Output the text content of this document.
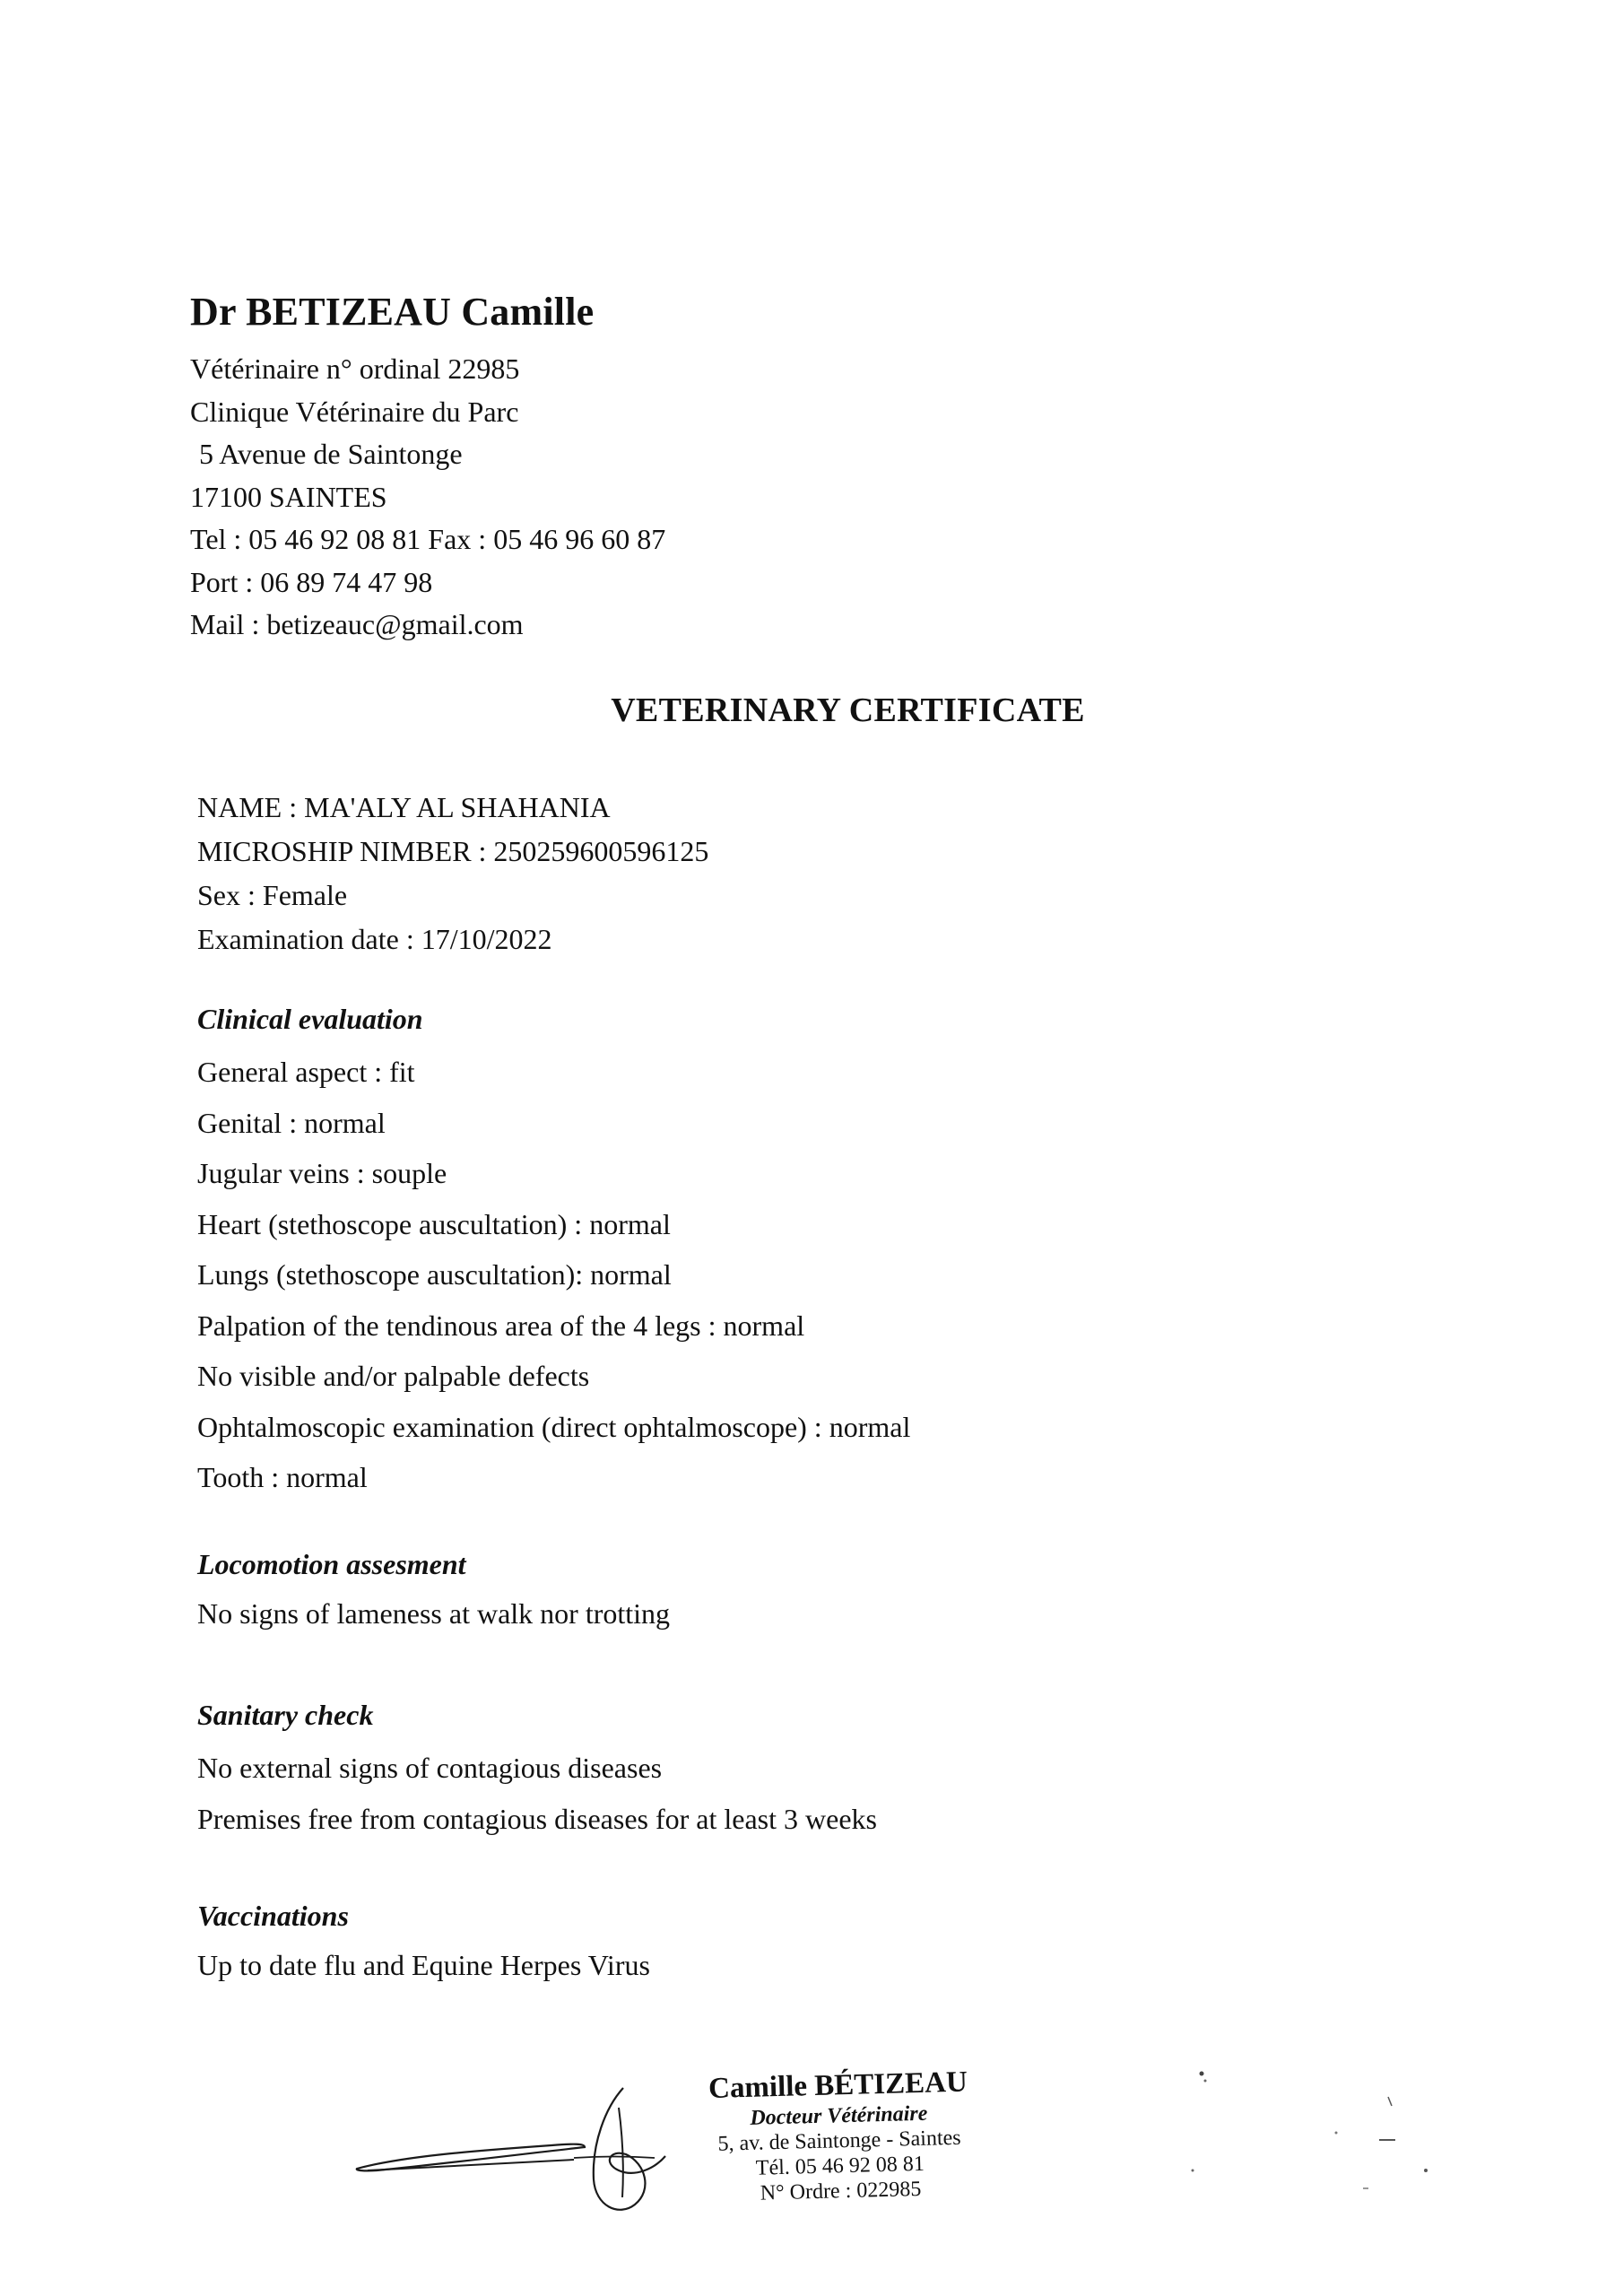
Dr BETIZEAU Camille
Vétérinaire n° ordinal 22985
Clinique Vétérinaire du Parc
5 Avenue de Saintonge
17100 SAINTES
Tel : 05 46 92 08 81 Fax : 05 46 96 60 87
Port : 06 89 74 47 98
Mail : betizeauc@gmail.com
VETERINARY CERTIFICATE
NAME : MA'ALY AL SHAHANIA
MICROSHIP NIMBER : 250259600596125
Sex : Female
Examination date : 17/10/2022
Clinical evaluation
General aspect : fit
Genital : normal
Jugular veins : souple
Heart (stethoscope auscultation) : normal
Lungs (stethoscope auscultation): normal
Palpation of the tendinous area of the 4 legs : normal
No visible and/or palpable defects
Ophtalmoscopic examination (direct ophtalmoscope) : normal
Tooth : normal
Locomotion assesment
No signs of lameness at walk nor trotting
Sanitary check
No external signs of contagious diseases
Premises free from contagious diseases for at least 3 weeks
Vaccinations
Up to date flu and Equine Herpes Virus
Camille BÉTIZEAU
Docteur Vétérinaire
5, av. de Saintonge - Saintes
Tél. 05 46 92 08 81
N° Ordre : 022985
